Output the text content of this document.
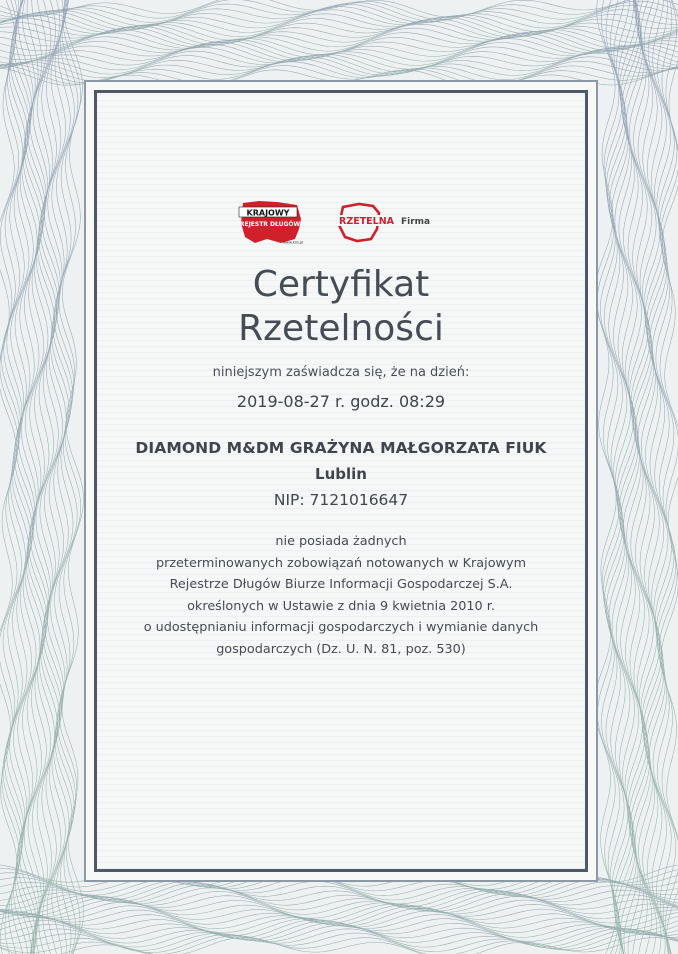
KRAJOWY
REJESTR DŁUGÓW
www.krd.pl
RZETELNA Firma
Certyfikat
Rzetelności
niniejszym zaświadcza się, że na dzień:
2019-08-27 r. godz. 08:29
DIAMOND M&DM GRAŻYNA MAŁGORZATA FIUK
Lublin
NIP: 7121016647
nie posiada żadnych
przeterminowanych zobowiązań notowanych w Krajowym
Rejestrze Długów Biurze Informacji Gospodarczej S.A.
określonych w Ustawie z dnia 9 kwietnia 2010 r.
o udostępnianiu informacji gospodarczych i wymianie danych
gospodarczych (Dz. U. N. 81, poz. 530)
